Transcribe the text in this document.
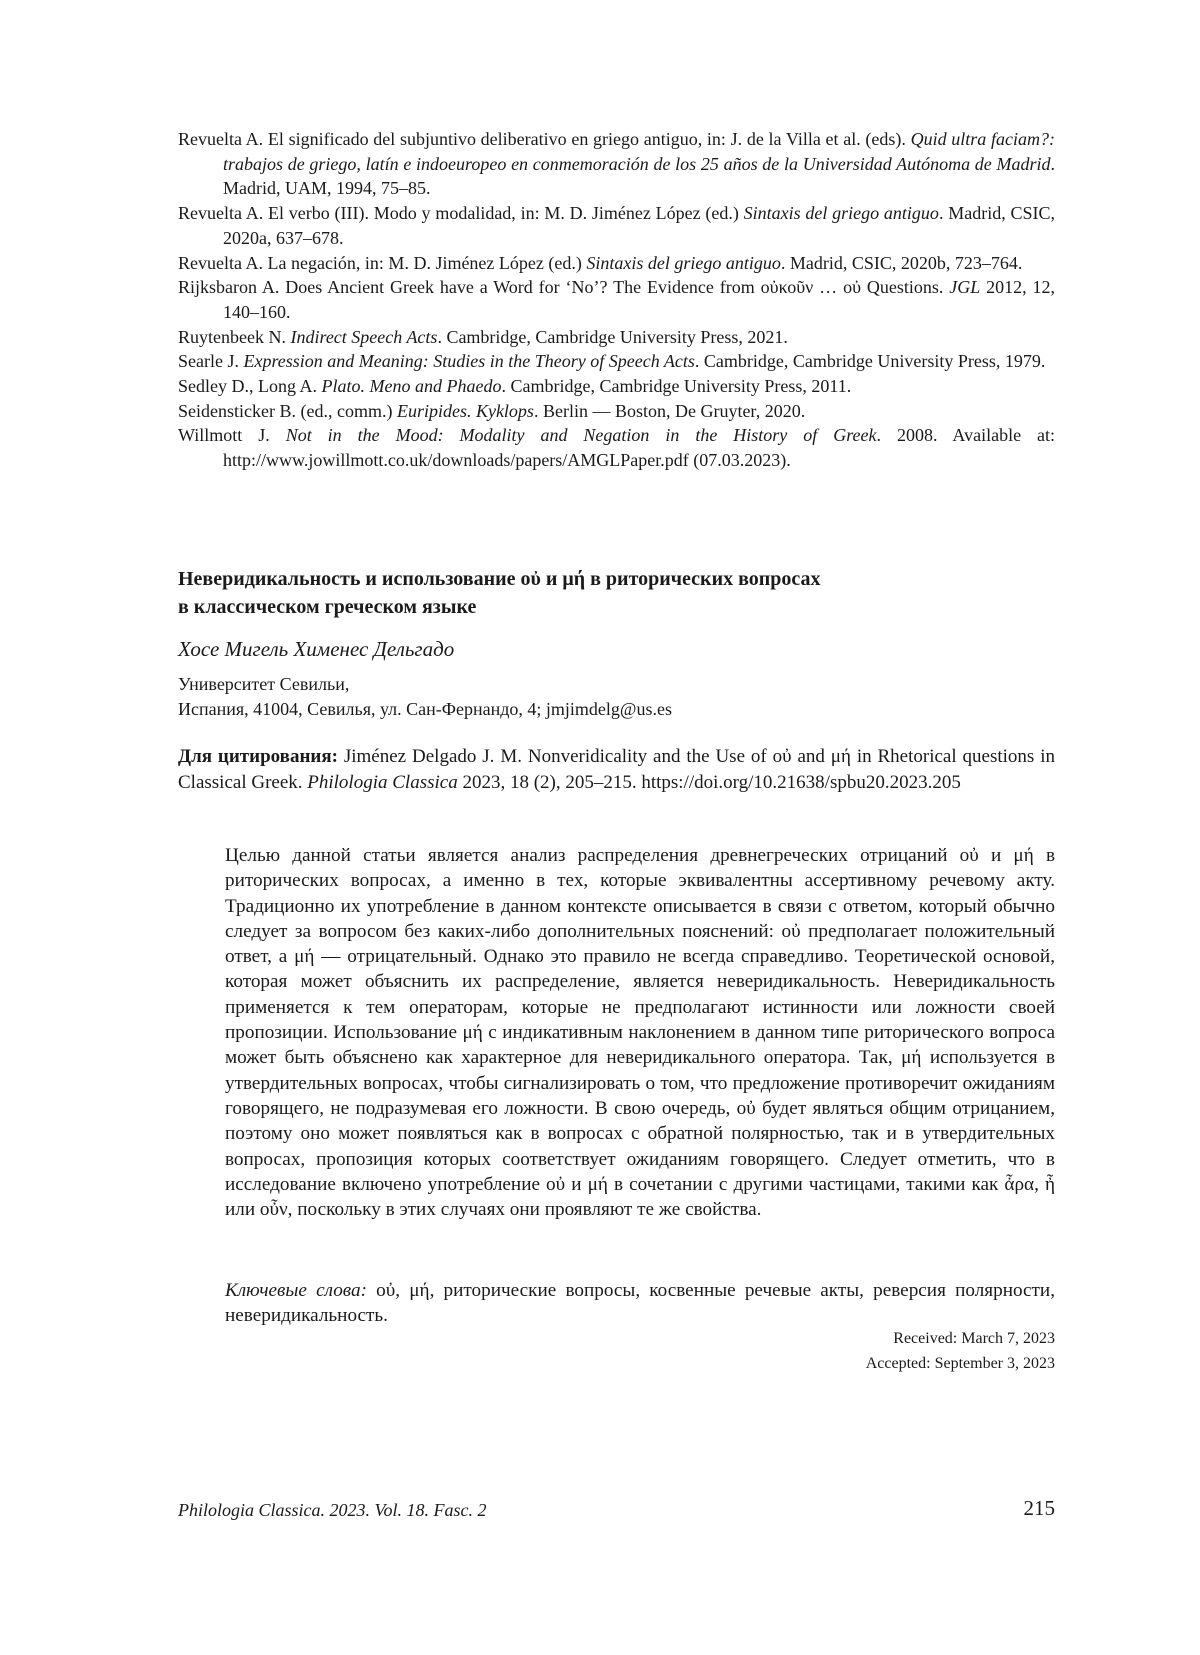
Revuelta A. El significado del subjuntivo deliberativo en griego antiguo, in: J. de la Villa et al. (eds). Quid ultra faciam?: trabajos de griego, latín e indoeuropeo en conmemoración de los 25 años de la Universidad Autónoma de Madrid. Madrid, UAM, 1994, 75–85.

Revuelta A. El verbo (III). Modo y modalidad, in: M. D. Jiménez López (ed.) Sintaxis del griego antiguo. Madrid, CSIC, 2020a, 637–678.

Revuelta A. La negación, in: M. D. Jiménez López (ed.) Sintaxis del griego antiguo. Madrid, CSIC, 2020b, 723–764.

Rijksbaron A. Does Ancient Greek have a Word for ‘No’? The Evidence from οὐκοῦν … οὐ Questions. JGL 2012, 12, 140–160.

Ruytenbeek N. Indirect Speech Acts. Cambridge, Cambridge University Press, 2021.

Searle J. Expression and Meaning: Studies in the Theory of Speech Acts. Cambridge, Cambridge University Press, 1979.

Sedley D., Long A. Plato. Meno and Phaedo. Cambridge, Cambridge University Press, 2011.

Seidensticker B. (ed., comm.) Euripides. Kyklops. Berlin — Boston, De Gruyter, 2020.

Willmott J. Not in the Mood: Modality and Negation in the History of Greek. 2008. Available at: http://www.jowillmott.co.uk/downloads/papers/AMGLPaper.pdf (07.03.2023).

Неверидикальность и использование οὐ и μή в риторических вопросах
в классическом греческом языке

Хосе Мигель Хименес Дельгадо

Университет Севильи,
Испания, 41004, Севилья, ул. Сан-Фернандо, 4; jmjimdelg@us.es

Для цитирования: Jiménez Delgado J. M. Nonveridicality and the Use of οὐ and μή in Rhetorical questions in Classical Greek. Philologia Classica 2023, 18 (2), 205–215. https://doi.org/10.21638/spbu20.2023.205

Целью данной статьи является анализ распределения древнегреческих отрицаний οὐ и μή в риторических вопросах, а именно в тех, которые эквивалентны ассертивному речевому акту. Традиционно их употребление в данном контексте описывается в связи с ответом, который обычно следует за вопросом без каких-либо дополнительных пояснений: οὐ предполагает положительный ответ, а μή — отрицательный. Однако это правило не всегда справедливо. Теоретической основой, которая может объяснить их распределение, является неверидикальность. Неверидикальность применяется к тем операторам, которые не предполагают истинности или ложности своей пропозиции. Использование μή с индикативным наклонением в данном типе риторического вопроса может быть объяснено как характерное для неверидикального оператора. Так, μή используется в утвердительных вопросах, чтобы сигнализировать о том, что предложение противоречит ожиданиям говорящего, не подразумевая его ложности. В свою очередь, οὐ будет являться общим отрицанием, поэтому оно может появляться как в вопросах с обратной полярностью, так и в утвердительных вопросах, пропозиция которых соответствует ожиданиям говорящего. Следует отметить, что в исследование включено употребление οὐ и μή в сочетании с другими частицами, такими как ἆρα, ἦ или οὖν, поскольку в этих случаях они проявляют те же свойства.

Ключевые слова: οὐ, μή, риторические вопросы, косвенные речевые акты, реверсия полярности, неверидикальность.

Received: March 7, 2023
Accepted: September 3, 2023
Philologia Classica. 2023. Vol. 18. Fasc. 2	215
